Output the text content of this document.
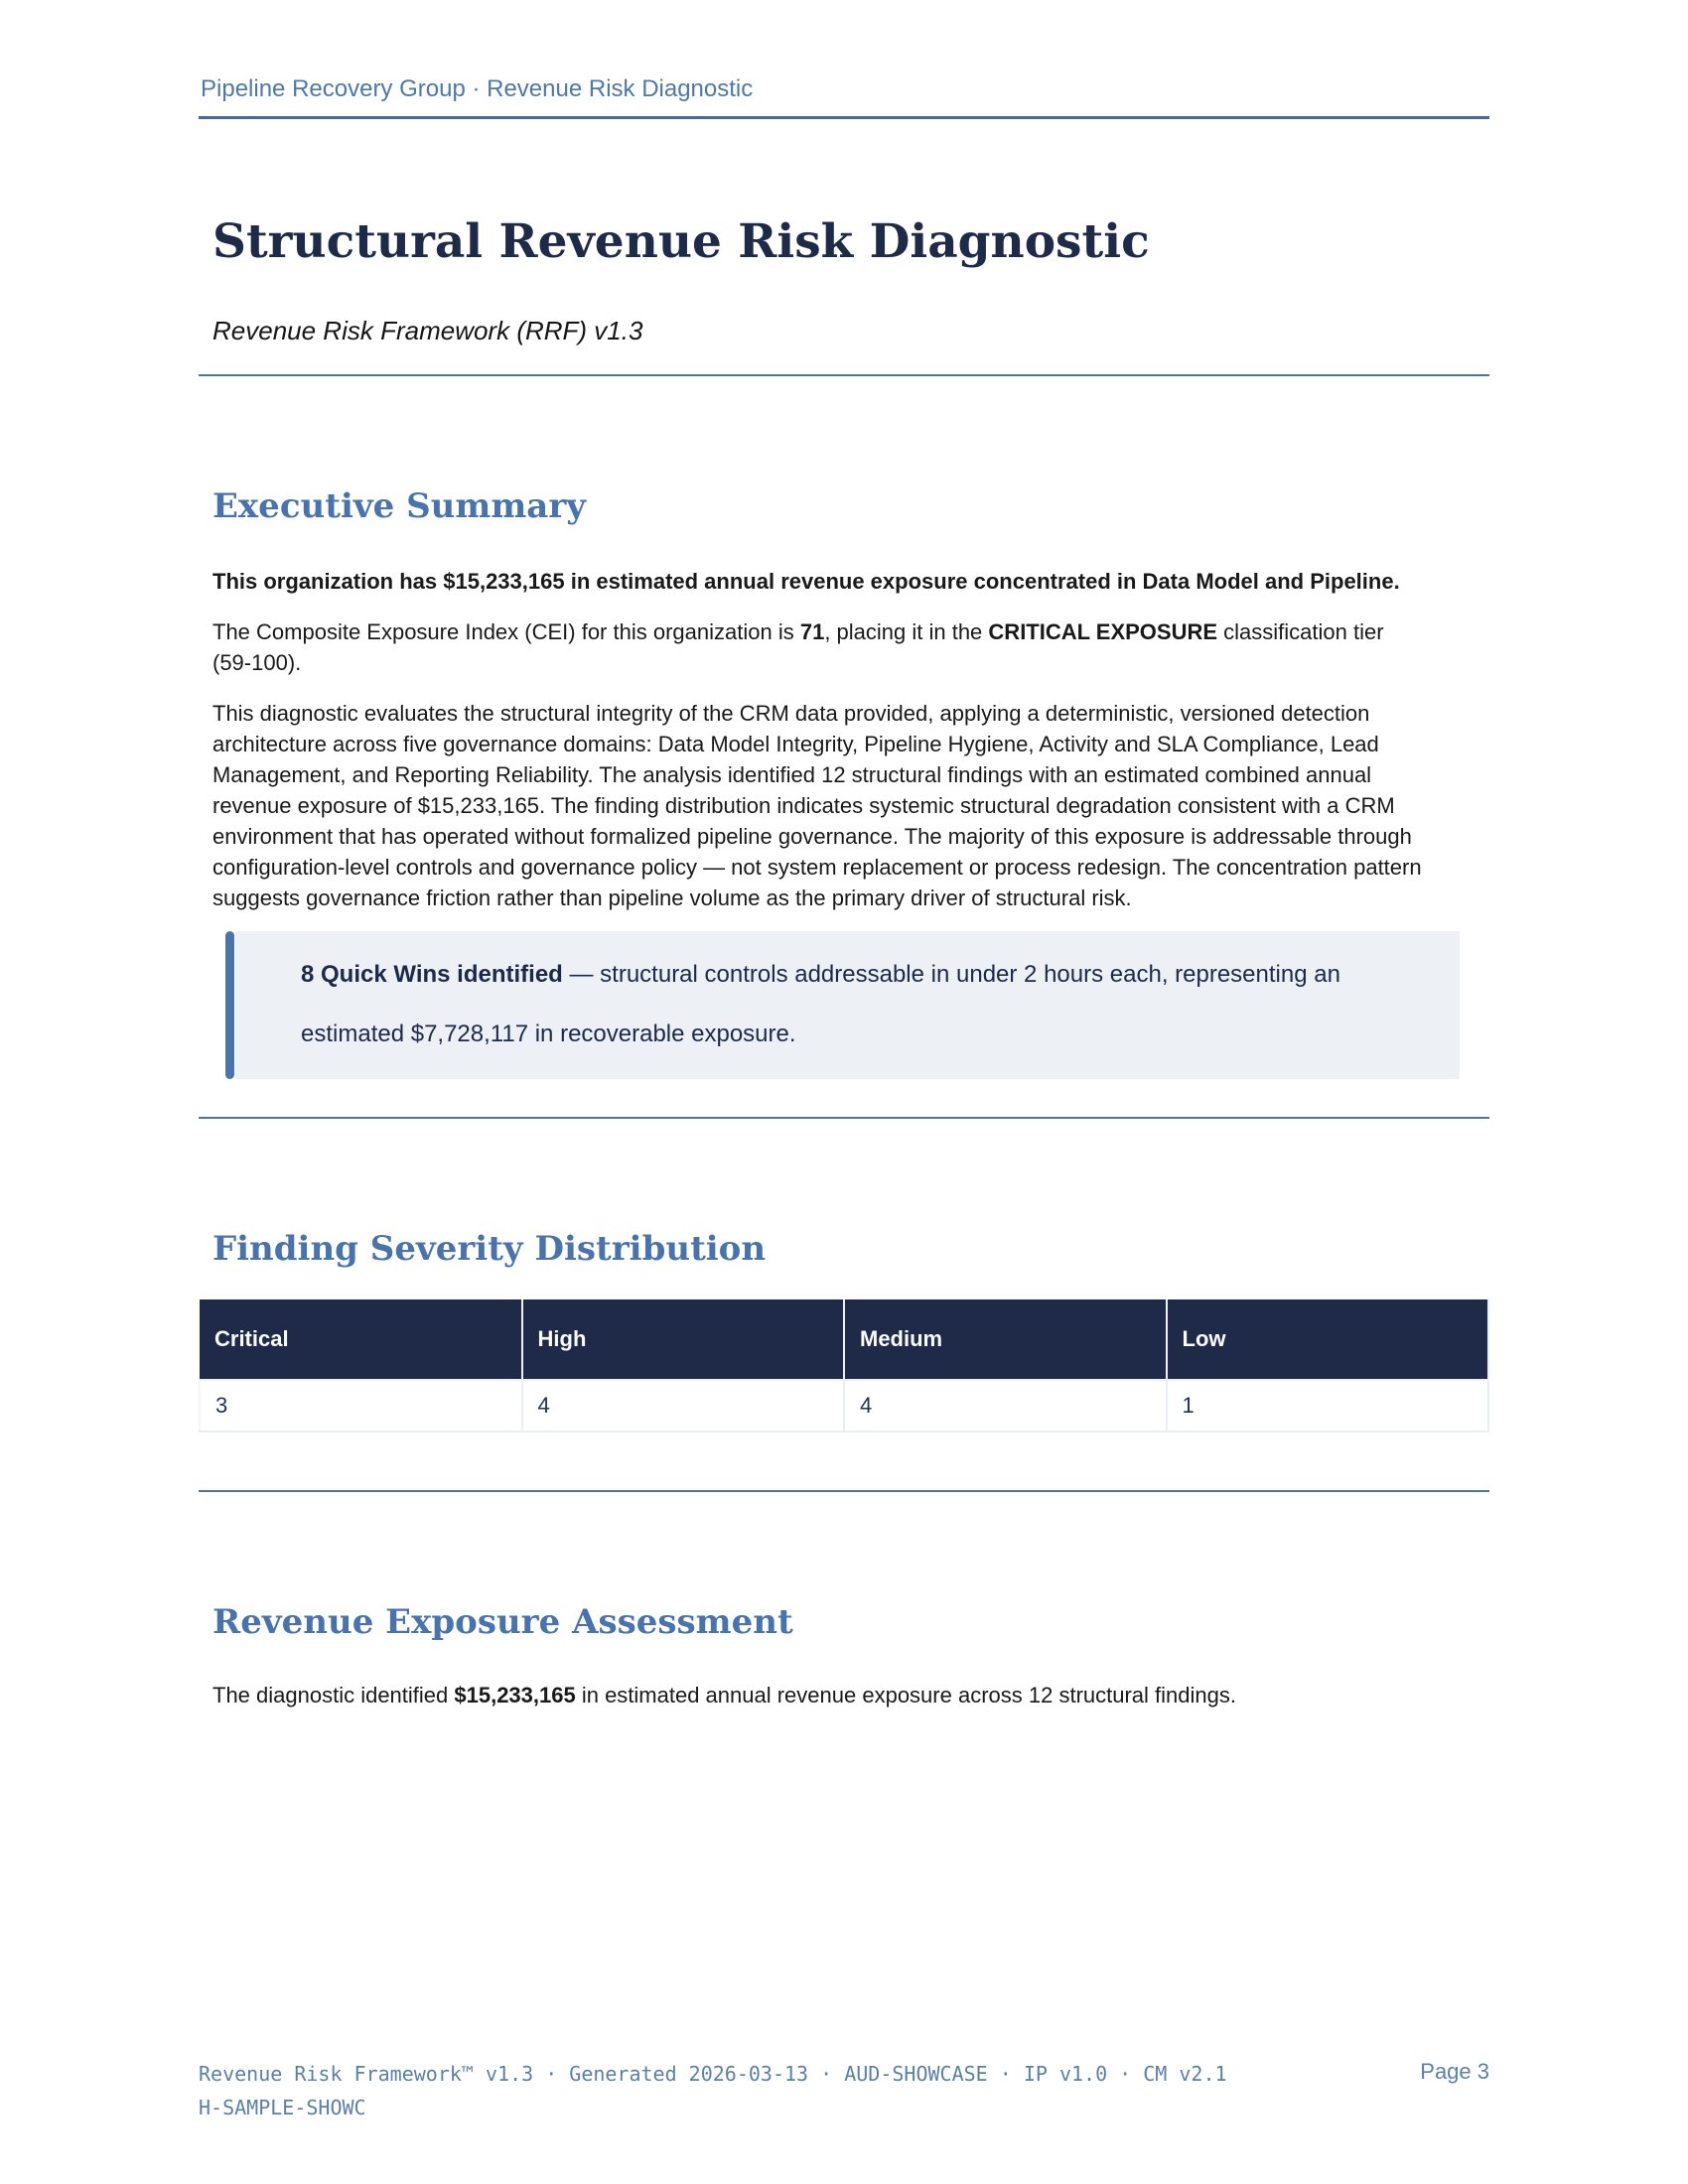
Pipeline Recovery Group · Revenue Risk Diagnostic
Structural Revenue Risk Diagnostic
Revenue Risk Framework (RRF) v1.3
Executive Summary

This organization has $15,233,165 in estimated annual revenue exposure concentrated in Data Model and Pipeline.

The Composite Exposure Index (CEI) for this organization is 71, placing it in the CRITICAL EXPOSURE classification tier (59-100).

This diagnostic evaluates the structural integrity of the CRM data provided, applying a deterministic, versioned detection architecture across five governance domains: Data Model Integrity, Pipeline Hygiene, Activity and SLA Compliance, Lead Management, and Reporting Reliability. The analysis identified 12 structural findings with an estimated combined annual revenue exposure of $15,233,165. The finding distribution indicates systemic structural degradation consistent with a CRM environment that has operated without formalized pipeline governance. The majority of this exposure is addressable through configuration-level controls and governance policy — not system replacement or process redesign. The concentration pattern suggests governance friction rather than pipeline volume as the primary driver of structural risk.

8 Quick Wins identified — structural controls addressable in under 2 hours each, representing an estimated $7,728,117 in recoverable exposure.
Finding Severity Distribution
Critical	High	Medium	Low
3	4	4	1
Revenue Exposure Assessment

The diagnostic identified $15,233,165 in estimated annual revenue exposure across 12 structural findings.

Revenue Risk Framework™ v1.3 · Generated 2026-03-13 · AUD-SHOWCASE · IP v1.0 · CM v2.1
H-SAMPLE-SHOWC
Page 3
